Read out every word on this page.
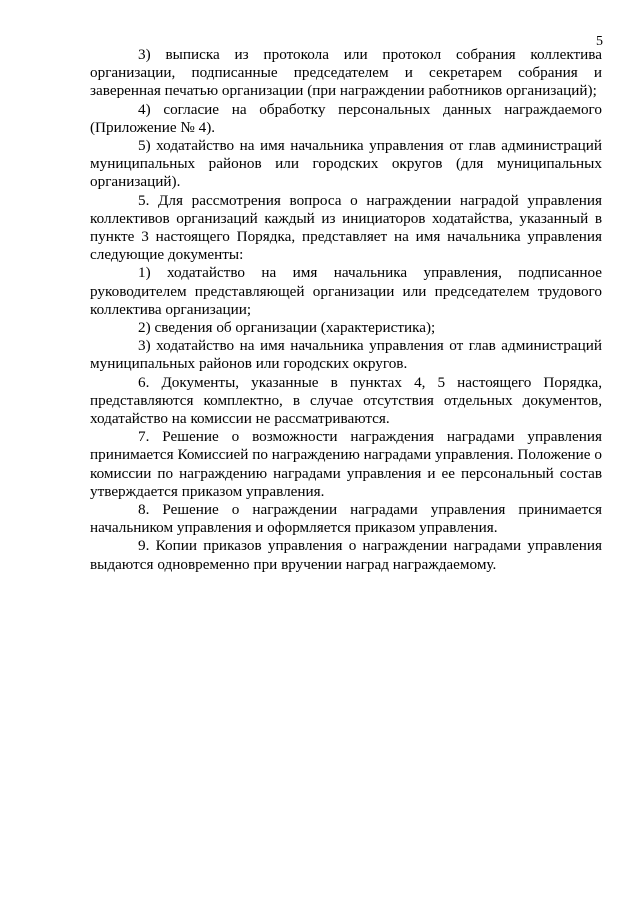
5

3) выписка из протокола или протокол собрания коллектива организации, подписанные председателем и секретарем собрания и заверенная печатью организации (при награждении работников организаций);

4) согласие на обработку персональных данных награждаемого (Приложение № 4).

5) ходатайство на имя начальника управления от глав администраций муниципальных районов или городских округов (для муниципальных организаций).

5. Для рассмотрения вопроса о награждении наградой управления коллективов организаций каждый из инициаторов ходатайства, указанный в пункте 3 настоящего Порядка, представляет на имя начальника управления следующие документы:

1) ходатайство на имя начальника управления, подписанное руководителем представляющей организации или председателем трудового коллектива организации;

2) сведения об организации (характеристика);

3) ходатайство на имя начальника управления от глав администраций муниципальных районов или городских округов.

6. Документы, указанные в пунктах 4, 5 настоящего Порядка, представляются комплектно, в случае отсутствия отдельных документов, ходатайство на комиссии не рассматриваются.

7. Решение о возможности награждения наградами управления принимается Комиссией по награждению наградами управления. Положение о комиссии по награждению наградами управления и ее персональный состав утверждается приказом управления.

8. Решение о награждении наградами управления принимается начальником управления и оформляется приказом управления.

9. Копии приказов управления о награждении наградами управления выдаются одновременно при вручении наград награждаемому.
